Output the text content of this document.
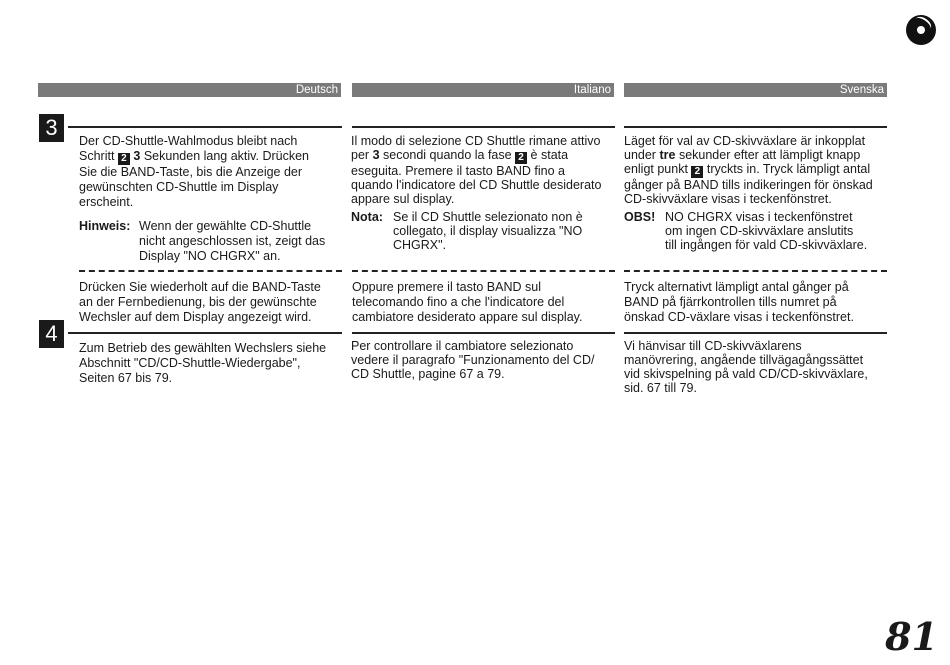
Deutsch	Italiano	Svenska
3
4
Der CD-Shuttle-Wahlmodus bleibt nach
Schritt 2 3 Sekunden lang aktiv. Drücken
Sie die BAND-Taste, bis die Anzeige der
gewünschten CD-Shuttle im Display
erscheint.
Hinweis: Wenn der gewählte CD-Shuttle
nicht angeschlossen ist, zeigt das
Display "NO CHGRX" an.
Drücken Sie wiederholt auf die BAND-Taste
an der Fernbedienung, bis der gewünschte
Wechsler auf dem Display angezeigt wird.
Zum Betrieb des gewählten Wechslers siehe
Abschnitt "CD/CD-Shuttle-Wiedergabe",
Seiten 67 bis 79.
Il modo di selezione CD Shuttle rimane attivo
per 3 secondi quando la fase 2 è stata
eseguita. Premere il tasto BAND fino a
quando l'indicatore del CD Shuttle desiderato
appare sul display.
Nota: Se il CD Shuttle selezionato non è
collegato, il display visualizza "NO
CHGRX".
Oppure premere il tasto BAND sul
telecomando fino a che l'indicatore del
cambiatore desiderato appare sul display.
Per controllare il cambiatore selezionato
vedere il paragrafo "Funzionamento del CD/
CD Shuttle, pagine 67 a 79.
Läget för val av CD-skivväxlare är inkopplat
under tre sekunder efter att lämpligt knapp
enligt punkt 2 tryckts in. Tryck lämpligt antal
gånger på BAND tills indikeringen för önskad
CD-skivväxlare visas i teckenfönstret.
OBS! NO CHGRX visas i teckenfönstret
om ingen CD-skivväxlare anslutits
till ingången för vald CD-skivväxlare.
Tryck alternativt lämpligt antal gånger på
BAND på fjärrkontrollen tills numret på
önskad CD-växlare visas i teckenfönstret.
Vi hänvisar till CD-skivväxlarens
manövrering, angående tillvägagångssättet
vid skivspelning på vald CD/CD-skivväxlare,
sid. 67 till 79.
81
